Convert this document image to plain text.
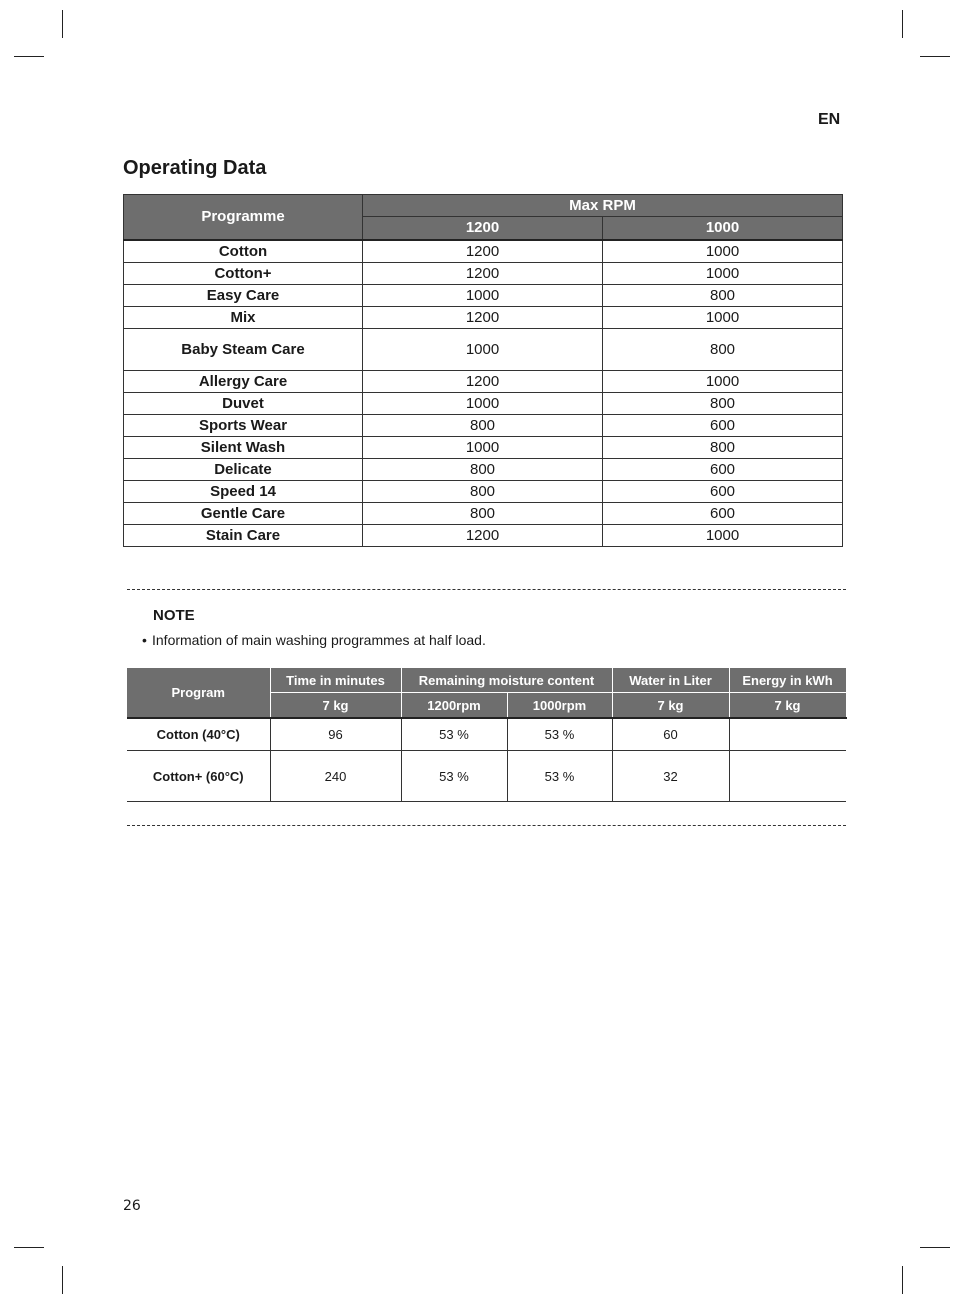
EN
Operating Data
Programme	Max RPM	
	1200	1000
Cotton	1200	1000
Cotton+	1200	1000
Easy Care	1000	800
Mix	1200	1000
Baby Steam Care	1000	800
Allergy Care	1200	1000
Duvet	1000	800
Sports Wear	800	600
Silent Wash	1000	800
Delicate	800	600
Speed 14	800	600
Gentle Care	800	600
Stain Care	1200	1000
NOTE
• Information of main washing programmes at half load.
Program	Time in minutes	Remaining moisture content		Water in Liter	Energy in kWh
	7 kg	1200rpm	1000rpm	7 kg	7 kg
Cotton (40°C)	96	53 %	53 %	60	
Cotton+ (60°C)	240	53 %	53 %	32	
26
